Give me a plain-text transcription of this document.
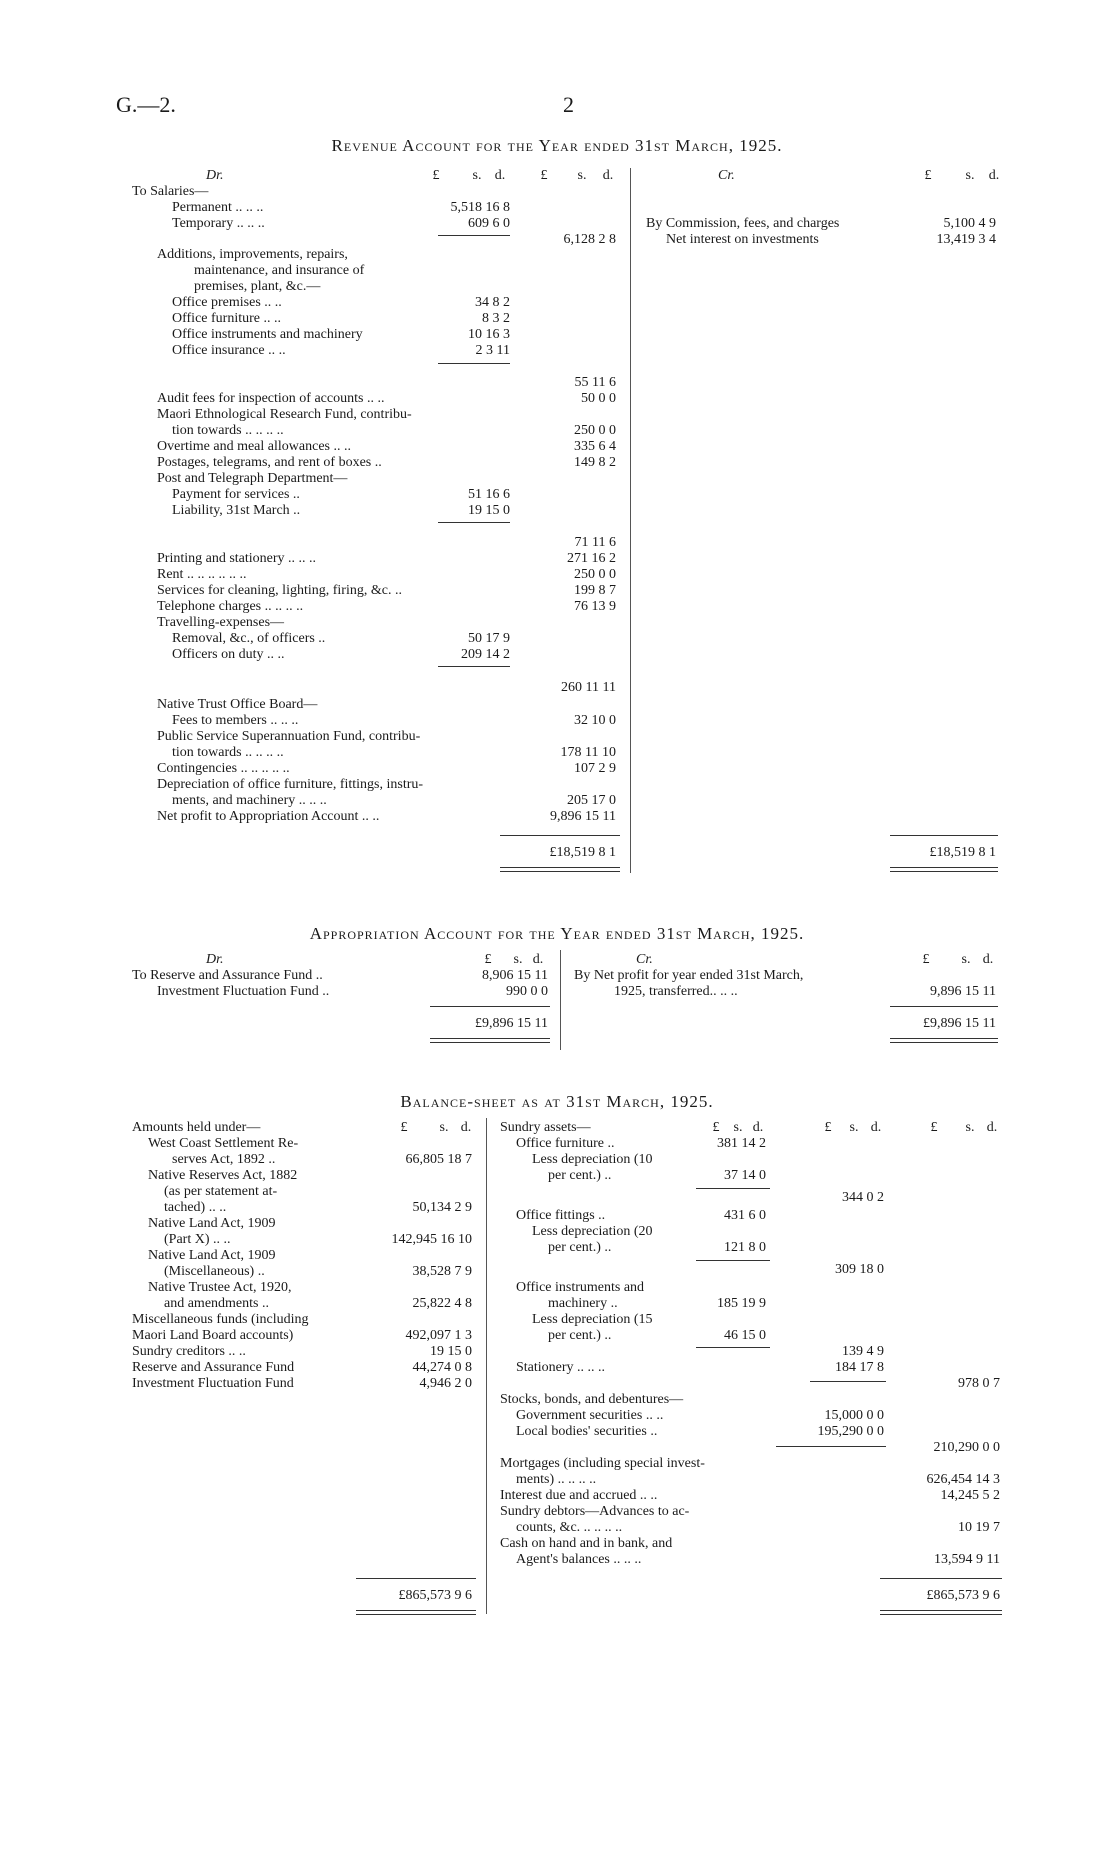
G.—2.	2
Revenue Account for the Year ended 31st March, 1925.
Dr.	£	s. d.	£	s. d.	Cr.	£	s. d.
To Salaries—
Permanent .. .. ..	5,518 16 8
Temporary .. .. ..	609 6 0
6,128 2 8
Additions, improvements, repairs,
maintenance, and insurance of
premises, plant, &c.—
Office premises .. ..	34 8 2
Office furniture .. ..	8 3 2
Office instruments and machinery	10 16 3
Office insurance .. ..	2 3 11
55 11 6
Audit fees for inspection of accounts .. ..	50 0 0
Maori Ethnological Research Fund, contribu-
tion towards .. .. .. ..	250 0 0
Overtime and meal allowances .. ..	335 6 4
Postages, telegrams, and rent of boxes ..	149 8 2
Post and Telegraph Department—
Payment for services ..	51 16 6
Liability, 31st March ..	19 15 0
71 11 6
Printing and stationery .. .. ..	271 16 2
Rent .. .. .. .. .. ..	250 0 0
Services for cleaning, lighting, firing, &c. ..	199 8 7
Telephone charges .. .. .. ..	76 13 9
Travelling-expenses—
Removal, &c., of officers ..	50 17 9
Officers on duty .. ..	209 14 2
260 11 11
Native Trust Office Board—
Fees to members .. .. ..	32 10 0
Public Service Superannuation Fund, contribu-
tion towards .. .. .. ..	178 11 10
Contingencies .. .. .. .. ..	107 2 9
Depreciation of office furniture, fittings, instru-
ments, and machinery .. .. ..	205 17 0
Net profit to Appropriation Account .. ..	9,896 15 11
£18,519 8 1
By Commission, fees, and charges	5,100 4 9
Net interest on investments	13,419 3 4
£18,519 8 1
Appropriation Account for the Year ended 31st March, 1925.
Dr.	£	s. d.
To Reserve and Assurance Fund ..	8,906 15 11
Investment Fluctuation Fund ..	990 0 0
£9,896 15 11
Cr.	£	s. d.
By Net profit for year ended 31st March,
1925, transferred.. .. ..	9,896 15 11
£9,896 15 11
Balance-sheet as at 31st March, 1925.
£	s. d.
Amounts held under—
West Coast Settlement Re-
serves Act, 1892 ..	66,805 18 7
Native Reserves Act, 1882
(as per statement at-
tached) .. ..	50,134 2 9
Native Land Act, 1909
(Part X) .. ..	142,945 16 10
Native Land Act, 1909
(Miscellaneous) ..	38,528 7 9
Native Trustee Act, 1920,
and amendments ..	25,822 4 8
Miscellaneous funds (including
Maori Land Board accounts)	492,097 1 3
Sundry creditors .. ..	19 15 0
Reserve and Assurance Fund	44,274 0 8
Investment Fluctuation Fund	4,946 2 0
£865,573 9 6
£	s. d.	£	s. d.	£	s. d.
Sundry assets—
Office furniture ..	381 14 2
Less depreciation (10
per cent.) ..	37 14 0
344 0 2
Office fittings ..	431 6 0
Less depreciation (20
per cent.) ..	121 8 0
309 18 0
Office instruments and
machinery ..	185 19 9
Less depreciation (15
per cent.) ..	46 15 0
139 4 9
Stationery .. .. ..	184 17 8
978 0 7
Stocks, bonds, and debentures—
Government securities .. ..	15,000 0 0
Local bodies' securities ..	195,290 0 0
210,290 0 0
Mortgages (including special invest-
ments) .. .. .. ..	626,454 14 3
Interest due and accrued .. ..	14,245 5 2
Sundry debtors—Advances to ac-
counts, &c. .. .. .. ..	10 19 7
Cash on hand and in bank, and
Agent's balances .. .. ..	13,594 9 11
£865,573 9 6
